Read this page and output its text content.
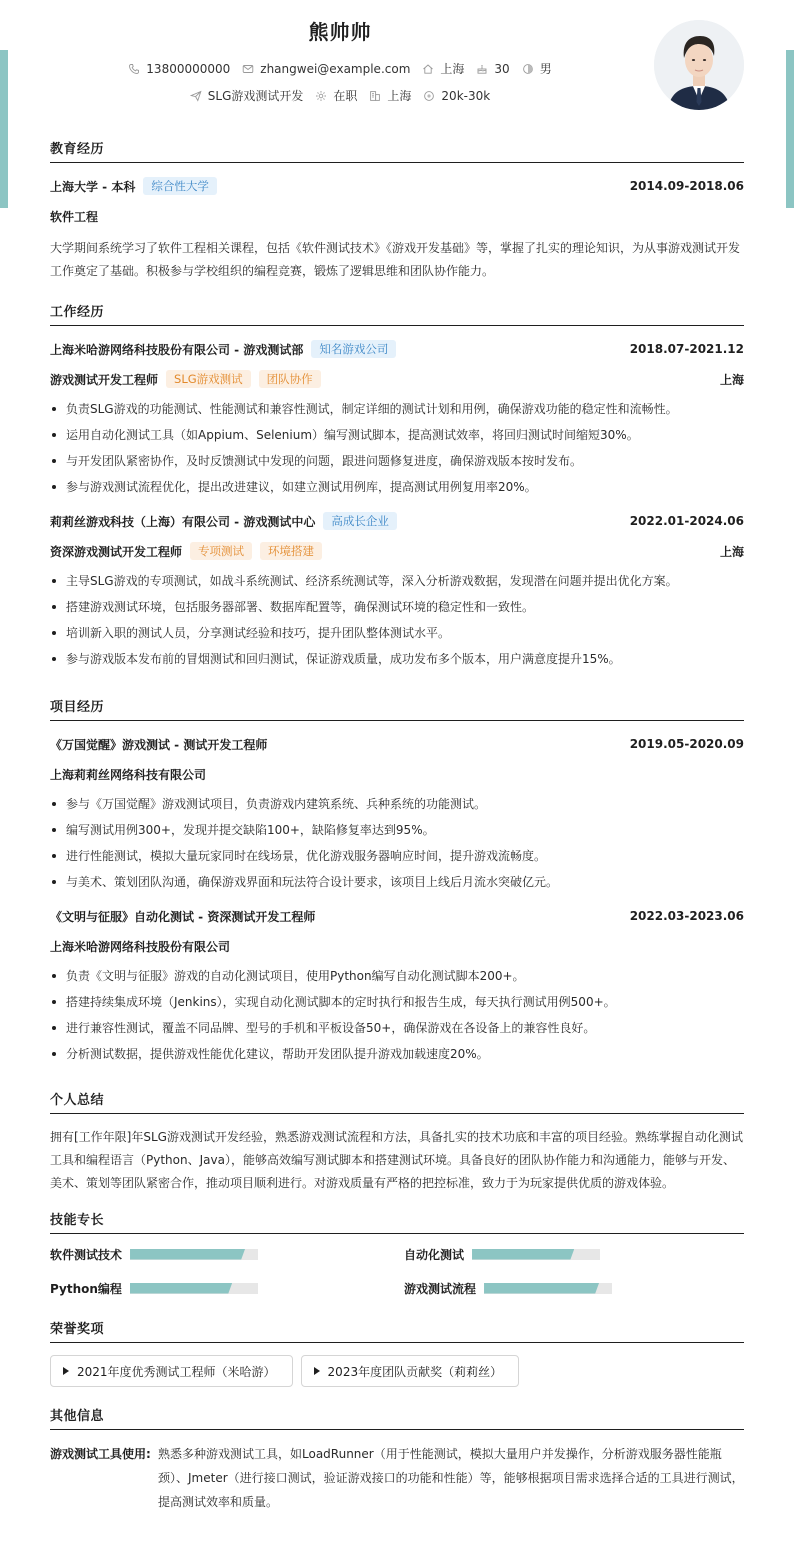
熊帅帅
13800000000	zhangwei@example.com	上海	30	男
SLG游戏测试开发	在职	上海	20k-30k
教育经历
上海大学 - 本科	综合性大学	2014.09-2018.06
软件工程
大学期间系统学习了软件工程相关课程，包括《软件测试技术》《游戏开发基础》等，掌握了扎实的理论知识，为从事游戏测试开发工作奠定了基础。积极参与学校组织的编程竞赛，锻炼了逻辑思维和团队协作能力。
工作经历
上海米哈游网络科技股份有限公司 - 游戏测试部	知名游戏公司	2018.07-2021.12
游戏测试开发工程师	SLG游戏测试	团队协作	上海
负责SLG游戏的功能测试、性能测试和兼容性测试，制定详细的测试计划和用例，确保游戏功能的稳定性和流畅性。
运用自动化测试工具（如Appium、Selenium）编写测试脚本，提高测试效率，将回归测试时间缩短30%。
与开发团队紧密协作，及时反馈测试中发现的问题，跟进问题修复进度，确保游戏版本按时发布。
参与游戏测试流程优化，提出改进建议，如建立测试用例库，提高测试用例复用率20%。
莉莉丝游戏科技（上海）有限公司 - 游戏测试中心	高成长企业	2022.01-2024.06
资深游戏测试开发工程师	专项测试	环境搭建	上海
主导SLG游戏的专项测试，如战斗系统测试、经济系统测试等，深入分析游戏数据，发现潜在问题并提出优化方案。
搭建游戏测试环境，包括服务器部署、数据库配置等，确保测试环境的稳定性和一致性。
培训新入职的测试人员，分享测试经验和技巧，提升团队整体测试水平。
参与游戏版本发布前的冒烟测试和回归测试，保证游戏质量，成功发布多个版本，用户满意度提升15%。
项目经历
《万国觉醒》游戏测试 - 测试开发工程师	2019.05-2020.09
上海莉莉丝网络科技有限公司
参与《万国觉醒》游戏测试项目，负责游戏内建筑系统、兵种系统的功能测试。
编写测试用例300+，发现并提交缺陷100+，缺陷修复率达到95%。
进行性能测试，模拟大量玩家同时在线场景，优化游戏服务器响应时间，提升游戏流畅度。
与美术、策划团队沟通，确保游戏界面和玩法符合设计要求，该项目上线后月流水突破亿元。
《文明与征服》自动化测试 - 资深测试开发工程师	2022.03-2023.06
上海米哈游网络科技股份有限公司
负责《文明与征服》游戏的自动化测试项目，使用Python编写自动化测试脚本200+。
搭建持续集成环境（Jenkins），实现自动化测试脚本的定时执行和报告生成，每天执行测试用例500+。
进行兼容性测试，覆盖不同品牌、型号的手机和平板设备50+，确保游戏在各设备上的兼容性良好。
分析测试数据，提供游戏性能优化建议，帮助开发团队提升游戏加载速度20%。
个人总结
拥有[工作年限]年SLG游戏测试开发经验，熟悉游戏测试流程和方法，具备扎实的技术功底和丰富的项目经验。熟练掌握自动化测试工具和编程语言（Python、Java），能够高效编写测试脚本和搭建测试环境。具备良好的团队协作能力和沟通能力，能够与开发、美术、策划等团队紧密合作，推动项目顺利进行。对游戏质量有严格的把控标准，致力于为玩家提供优质的游戏体验。
技能专长
软件测试技术	自动化测试
Python编程	游戏测试流程
荣誉奖项
2021年度优秀测试工程师（米哈游）	2023年度团队贡献奖（莉莉丝）
其他信息
游戏测试工具使用: 熟悉多种游戏测试工具，如LoadRunner（用于性能测试，模拟大量用户并发操作，分析游戏服务器性能瓶颈）、Jmeter（进行接口测试，验证游戏接口的功能和性能）等，能够根据项目需求选择合适的工具进行测试，提高测试效率和质量。
